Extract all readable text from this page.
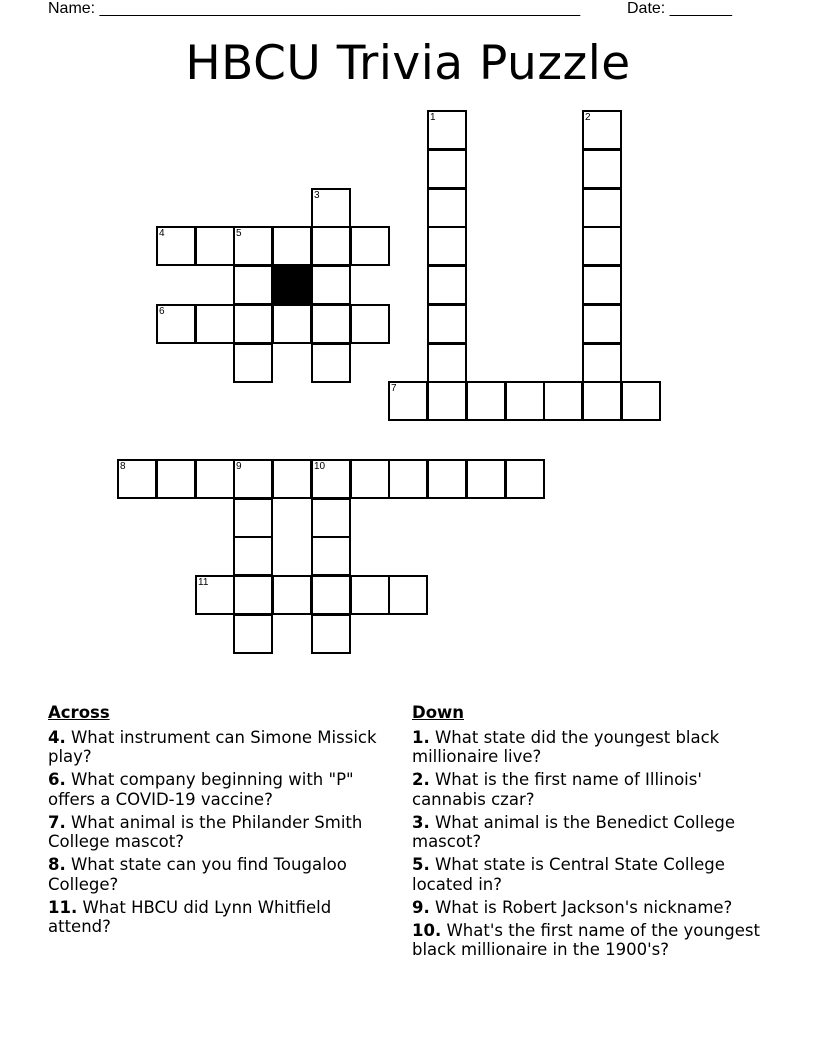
Name: ______________________________________________________	Date: _______
HBCU Trivia Puzzle
1	2
3
4	5
6
7
8	9	10
11
Across
4. What instrument can Simone Missick play?
6. What company beginning with "P" offers a COVID-19 vaccine?
7. What animal is the Philander Smith College mascot?
8. What state can you find Tougaloo College?
11. What HBCU did Lynn Whitfield attend?
Down
1. What state did the youngest black millionaire live?
2. What is the first name of Illinois' cannabis czar?
3. What animal is the Benedict College mascot?
5. What state is Central State College located in?
9. What is Robert Jackson's nickname?
10. What's the first name of the youngest black millionaire in the 1900's?
